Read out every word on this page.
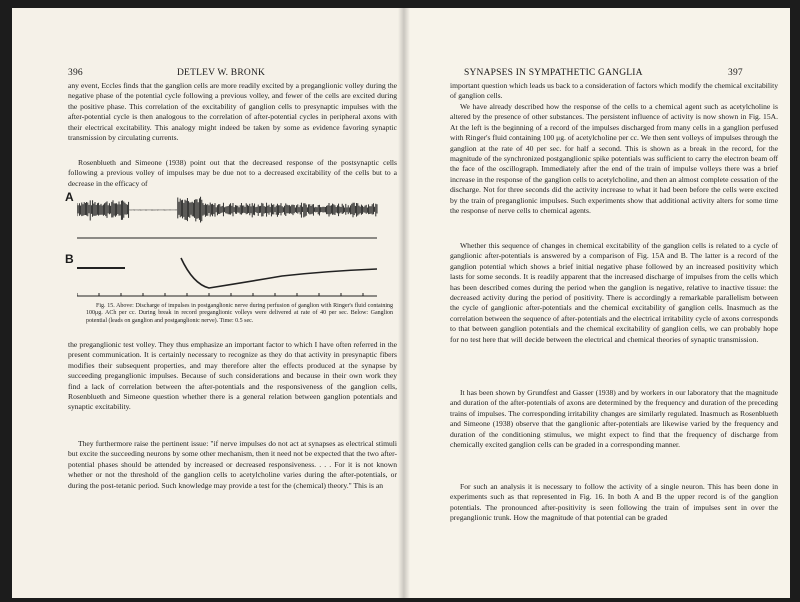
396	DETLEV W. BRONK

any event, Eccles finds that the ganglion cells are more readily excited by a preganglionic volley during the negative phase of the potential cycle following a previous volley, and fewer of the cells are excited during the positive phase. This correlation of the excitability of ganglion cells to presynaptic impulses with the after-potential cycle is then analogous to the correlation of after-potential cycles in peripheral axons with their electrical excitability. This analogy might indeed be taken by some as evidence favoring synaptic transmission by circulating currents.

Rosenblueth and Simeone (1938) point out that the decreased response of the postsynaptic cells following a previous volley of impulses may be due not to a decreased excitability of the cells but to a decrease in the efficacy of

A
B

Fig. 15. Above: Discharge of impulses in postganglionic nerve during perfusion of ganglion with Ringer's fluid containing 100μg. ACh per cc. During break in record preganglionic volleys were delivered at rate of 40 per sec. Below: Ganglion potential (leads on ganglion and postganglionic nerve). Time: 0.5 sec.

the preganglionic test volley. They thus emphasize an important factor to which I have often referred in the present communication. It is certainly necessary to recognize as they do that activity in presynaptic fibers modifies their subsequent properties, and may therefore alter the effects produced at the synapse by succeeding preganglionic impulses. Because of such considerations and because in their own work they find a lack of correlation between the after-potentials and the responsiveness of the ganglion cells, Rosenblueth and Simeone question whether there is a general relation between ganglion potentials and synaptic excitability.

They furthermore raise the pertinent issue: "if nerve impulses do not act at synapses as electrical stimuli but excite the succeeding neurons by some other mechanism, then it need not be expected that the two after-potential phases should be attended by increased or decreased responsiveness. . . . For it is not known whether or not the threshold of the ganglion cells to acetylcholine varies during the after-potentials, or during the post-tetanic period. Such knowledge may provide a test for the (chemical) theory." This is an

SYNAPSES IN SYMPATHETIC GANGLIA	397

important question which leads us back to a consideration of factors which modify the chemical excitability of ganglion cells.

We have already described how the response of the cells to a chemical agent such as acetylcholine is altered by the presence of other substances. The persistent influence of activity is now shown in Fig. 15A. At the left is the beginning of a record of the impulses discharged from many cells in a ganglion perfused with Ringer's fluid containing 100 μg. of acetylcholine per cc. We then sent volleys of impulses through the ganglion at the rate of 40 per sec. for half a second. This is shown as a break in the record, for the magnitude of the synchronized postganglionic spike potentials was sufficient to carry the electron beam off the face of the oscillograph. Immediately after the end of the train of impulse volleys there was a brief increase in the response of the ganglion cells to acetylcholine, and then an almost complete cessation of the discharge. Not for three seconds did the activity increase to what it had been before the cells were excited by the train of preganglionic impulses. Such experiments show that additional activity alters for some time the response of nerve cells to chemical agents.

Whether this sequence of changes in chemical excitability of the ganglion cells is related to a cycle of ganglionic after-potentials is answered by a comparison of Fig. 15A and B. The latter is a record of the ganglion potential which shows a brief initial negative phase followed by an increased positivity which lasts for some seconds. It is readily apparent that the increased discharge of impulses from the cells which has been described comes during the period when the ganglion is negative, relative to inactive tissue: the decreased activity during the period of positivity. There is accordingly a remarkable parallelism between the cycle of ganglionic after-potentials and the chemical excitability of ganglion cells. Inasmuch as the correlation between the sequence of after-potentials and the electrical irritability cycle of axons corresponds to that between ganglion potentials and the chemical excitability of ganglion cells, we can probably hope for no test here that will decide between the electrical and chemical theories of synaptic transmission.

It has been shown by Grundfest and Gasser (1938) and by workers in our laboratory that the magnitude and duration of the after-potentials of axons are determined by the frequency and duration of the preceding trains of impulses. The corresponding irritability changes are similarly regulated. Inasmuch as Rosenblueth and Simeone (1938) observe that the ganglionic after-potentials are likewise varied by the frequency and duration of the conditioning stimulus, we might expect to find that the frequency of discharge from chemically excited ganglion cells can be graded in a corresponding manner.

For such an analysis it is necessary to follow the activity of a single neuron. This has been done in experiments such as that represented in Fig. 16. In both A and B the upper record is of the ganglion potentials. The pronounced after-positivity is seen following the train of impulses sent in over the preganglionic trunk. How the magnitude of that potential can be graded
